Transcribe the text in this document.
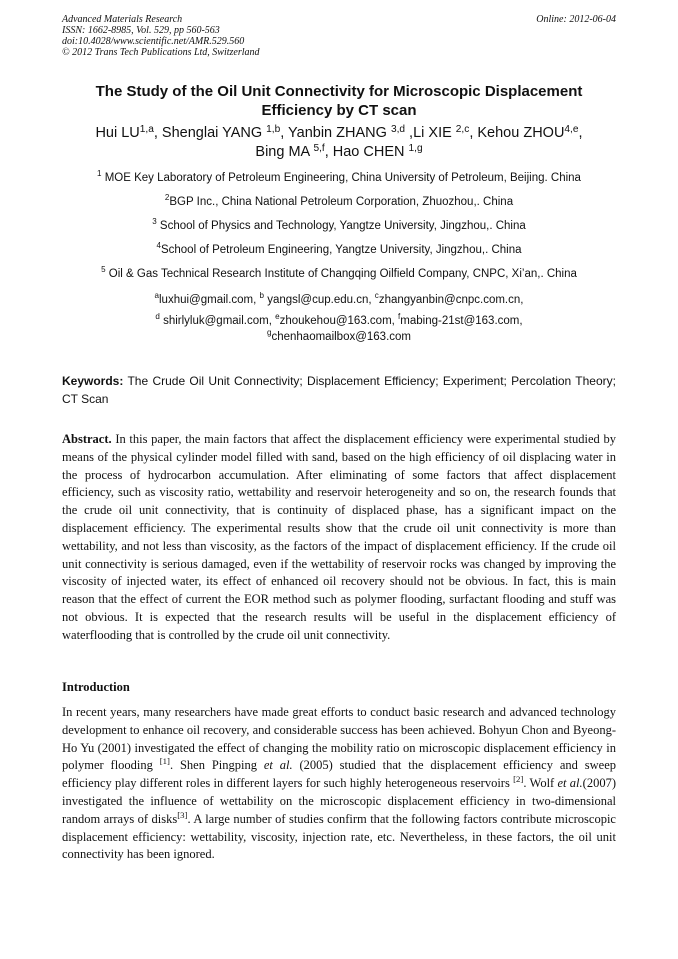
Advanced Materials Research
ISSN: 1662-8985, Vol. 529, pp 560-563
doi:10.4028/www.scientific.net/AMR.529.560
© 2012 Trans Tech Publications Ltd, Switzerland
Online: 2012-06-04
The Study of the Oil Unit Connectivity for Microscopic Displacement
Efficiency by CT scan
Hui LU$^{1,a}$, Shenglai YANG $^{1,b}$, Yanbin ZHANG $^{3,d}$ ,Li XIE $^{2,c}$, Kehou ZHOU$^{4,e}$,
Bing MA $^{5,f}$, Hao CHEN $^{1,g}$
$^1$ MOE Key Laboratory of Petroleum Engineering, China University of Petroleum, Beijing. China
$^2$BGP Inc., China National Petroleum Corporation, Zhuozhou,. China
$^3$ School of Physics and Technology, Yangtze University, Jingzhou,. China
$^4$School of Petroleum Engineering, Yangtze University, Jingzhou,. China
$^5$ Oil & Gas Technical Research Institute of Changqing Oilfield Company, CNPC, Xi’an,. China
$^a$luxhui@gmail.com, $^b$ yangsl@cup.edu.cn, $^c$zhangyanbin@cnpc.com.cn,
$^d$ shirlyluk@gmail.com, $^e$zhoukehou@163.com, $^f$mabing-21st@163.com,
$^g$chenhaomailbox@163.com
Keywords: The Crude Oil Unit Connectivity; Displacement Efficiency; Experiment; Percolation Theory; CT Scan
Abstract. In this paper, the main factors that affect the displacement efficiency were experimental studied by means of the physical cylinder model filled with sand, based on the high efficiency of oil displacing water in the process of hydrocarbon accumulation. After eliminating of some factors that affect displacement efficiency, such as viscosity ratio, wettability and reservoir heterogeneity and so on, the research founds that the crude oil unit connectivity, that is continuity of displaced phase, has a significant impact on the displacement efficiency. The experimental results show that the crude oil unit connectivity is more than wettability, and not less than viscosity, as the factors of the impact of displacement efficiency. If the crude oil unit connectivity is serious damaged, even if the wettability of reservoir rocks was changed by improving the viscosity of injected water, its effect of enhanced oil recovery should not be obvious. In fact, this is main reason that the effect of current the EOR method such as polymer flooding, surfactant flooding and stuff was not obvious. It is expected that the research results will be useful in the displacement efficiency of waterflooding that is controlled by the crude oil unit connectivity.
Introduction
In recent years, many researchers have made great efforts to conduct basic research and advanced technology development to enhance oil recovery, and considerable success has been achieved. Bohyun Chon and Byeong-Ho Yu (2001) investigated the effect of changing the mobility ratio on microscopic displacement efficiency in polymer flooding [1]. Shen Pingping et al. (2005) studied that the displacement efficiency and sweep efficiency play different roles in different layers for such highly heterogeneous reservoirs [2]. Wolf et al.(2007) investigated the influence of wettability on the microscopic displacement efficiency in two-dimensional random arrays of disks[3]. A large number of studies confirm that the following factors contribute microscopic displacement efficiency: wettability, viscosity, injection rate, etc. Nevertheless, in these factors, the oil unit connectivity has been ignored.
